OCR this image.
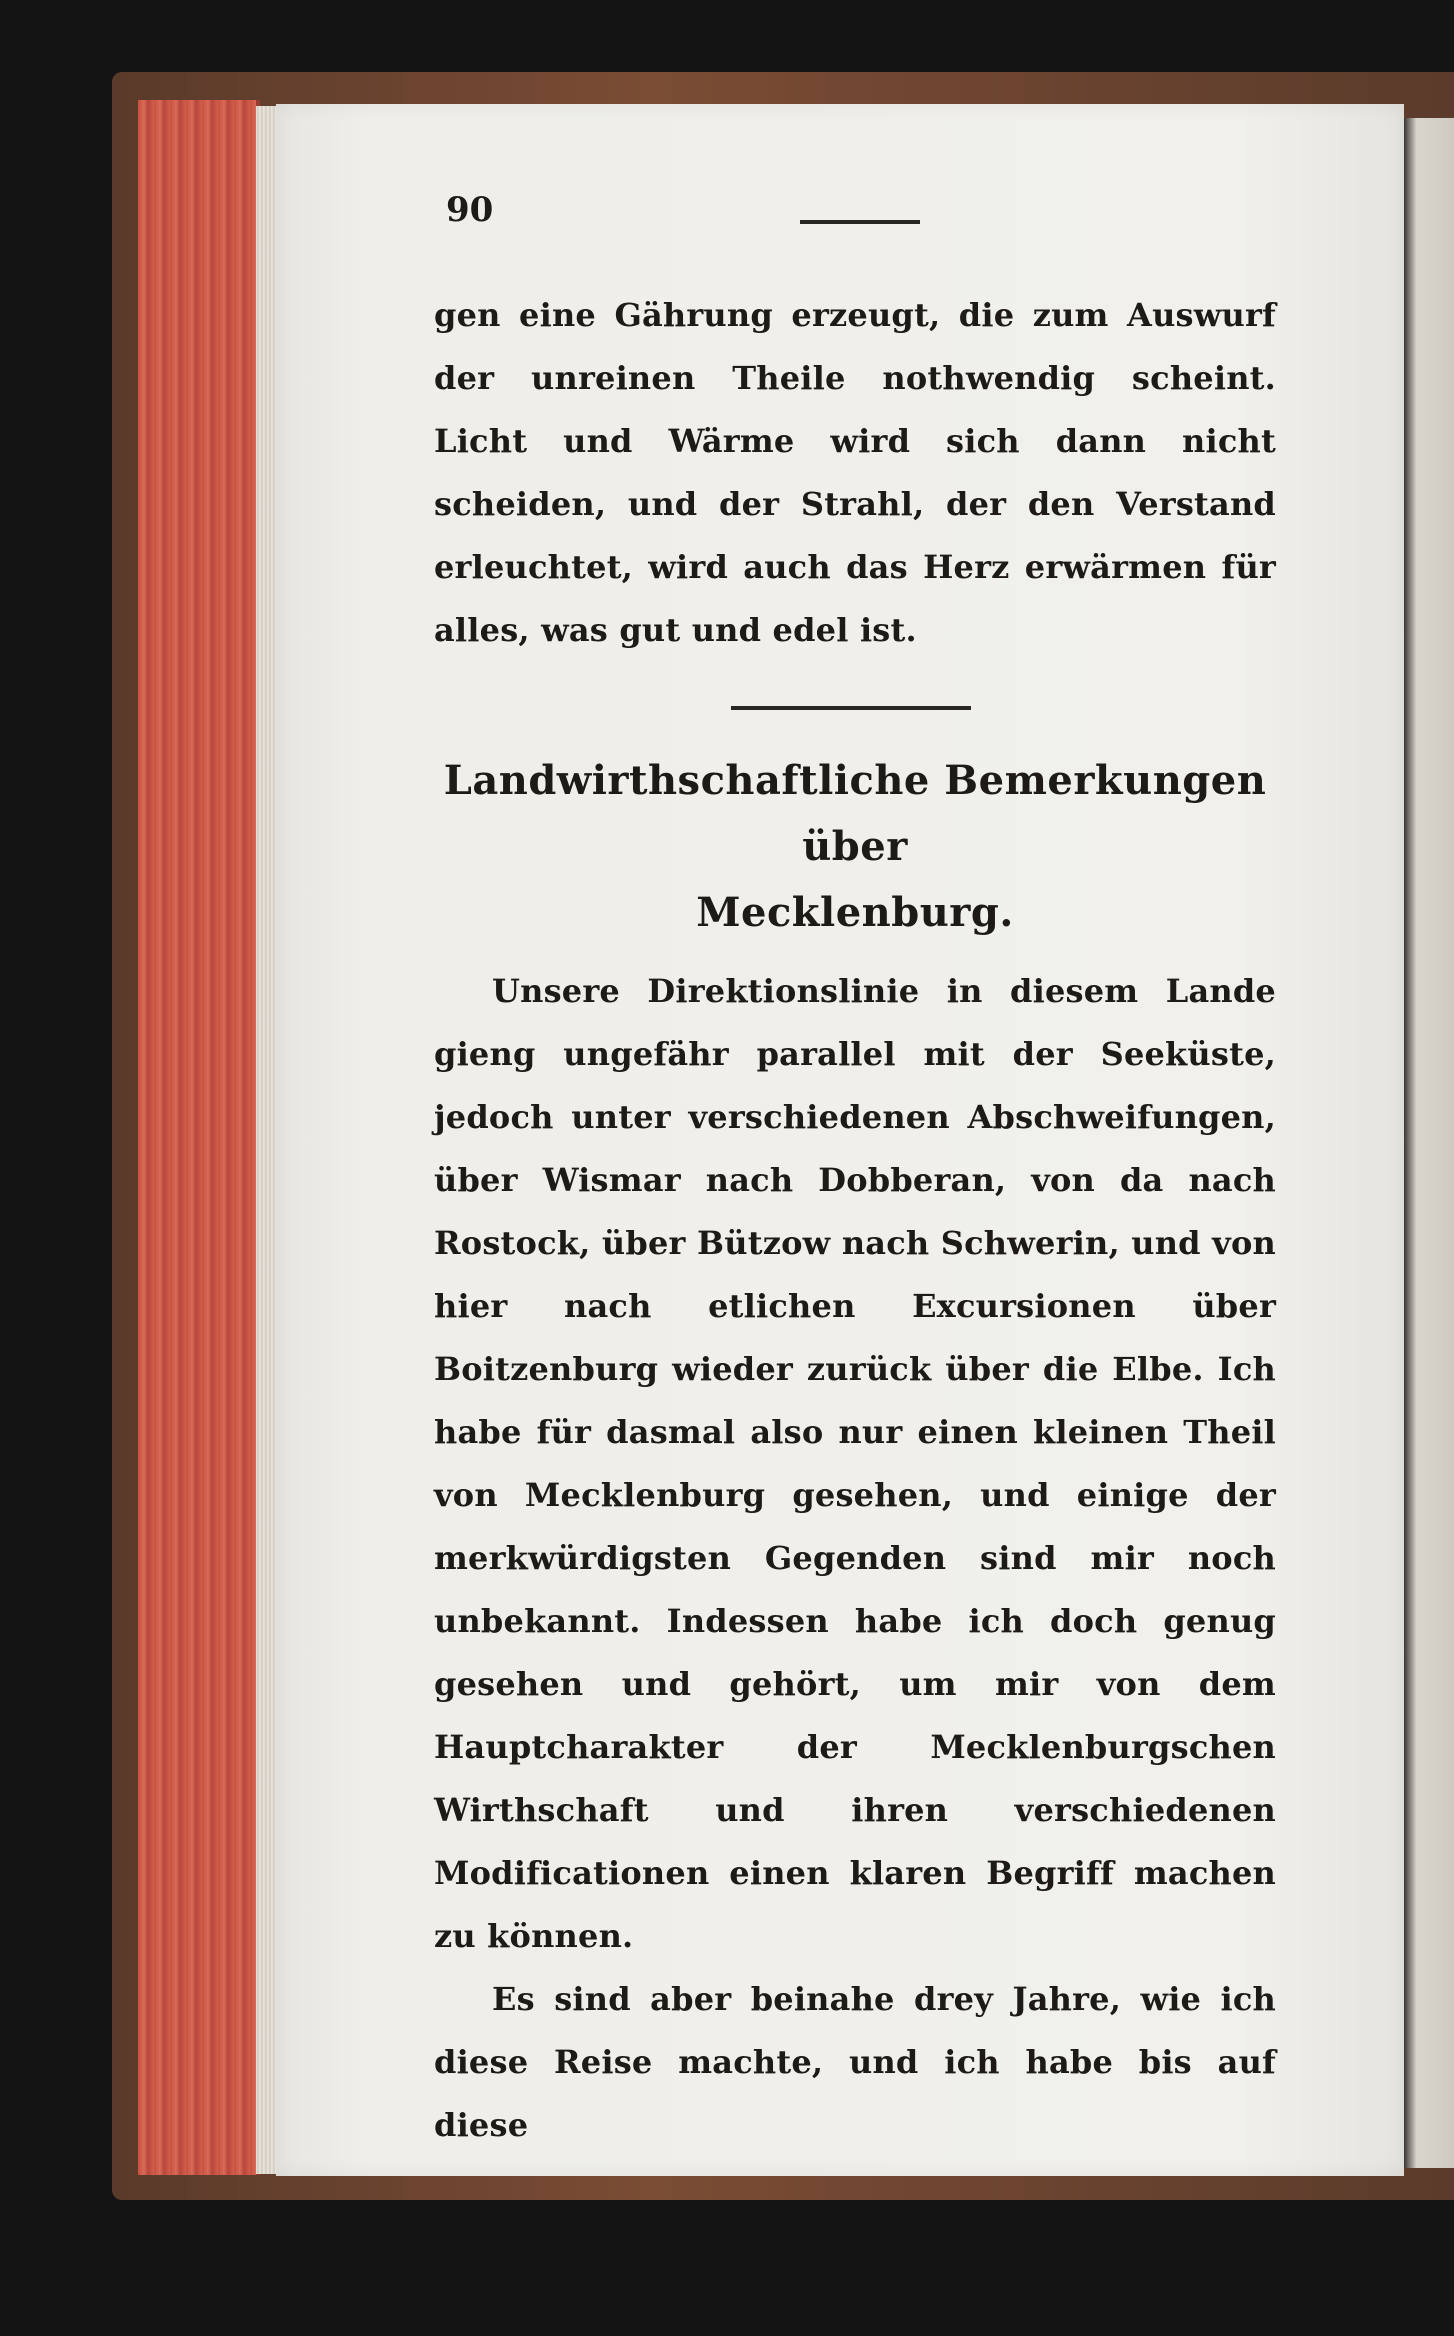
90

gen eine Gährung erzeugt, die zum Auswurf der unreinen Theile nothwendig scheint. Licht und Wärme wird sich dann nicht scheiden, und der Strahl, der den Verstand erleuchtet, wird auch das Herz erwärmen für alles, was gut und edel ist.

Landwirthschaftliche Bemerkungen über
Mecklenburg.

Unsere Direktionslinie in diesem Lande gieng ungefähr parallel mit der Seeküste, jedoch unter verschiedenen Abschweifungen, über Wismar nach Dobberan, von da nach Rostock, über Bützow nach Schwerin, und von hier nach etlichen Excursionen über Boitzenburg wieder zurück über die Elbe. Ich habe für dasmal also nur einen kleinen Theil von Mecklenburg gesehen, und einige der merkwürdigsten Gegenden sind mir noch unbekannt. Indessen habe ich doch genug gesehen und gehört, um mir von dem Hauptcharakter der Mecklenburgschen Wirthschaft und ihren verschiedenen Modificationen einen klaren Begriff machen zu können.

Es sind aber beinahe drey Jahre, wie ich diese Reise machte, und ich habe bis auf diese
